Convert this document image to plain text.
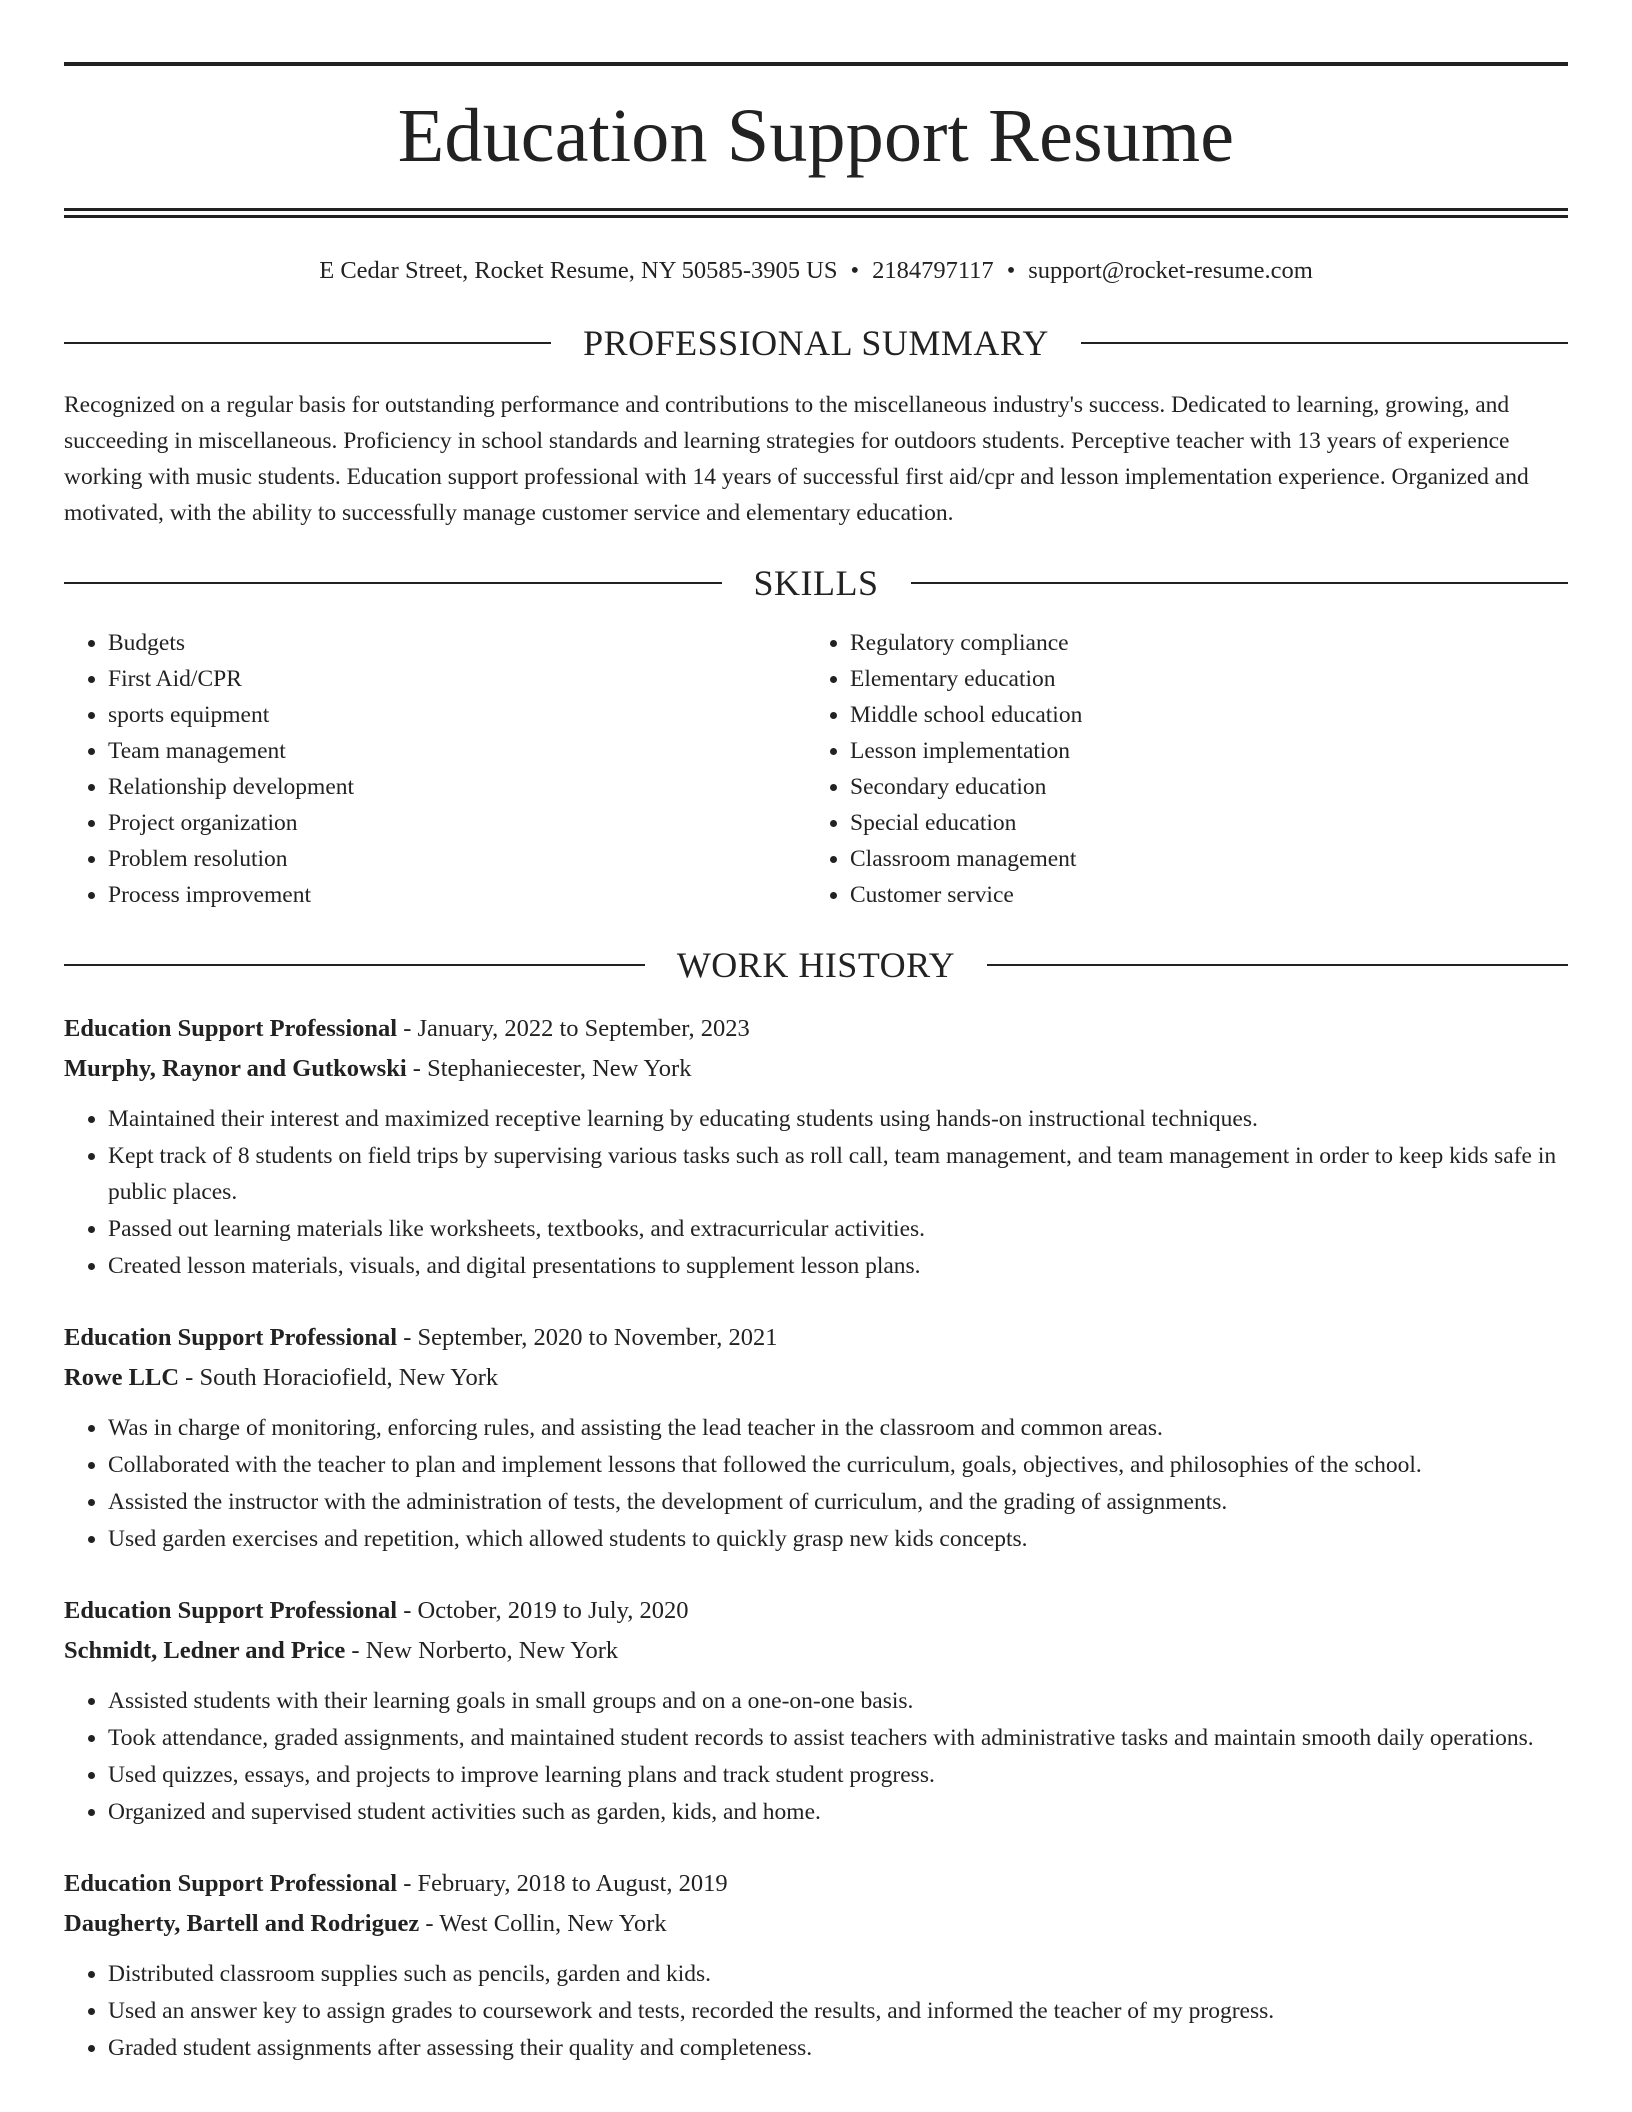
Education Support Resume
E Cedar Street, Rocket Resume, NY 50585-3905 US • 2184797117 • support@rocket-resume.com
PROFESSIONAL SUMMARY

Recognized on a regular basis for outstanding performance and contributions to the miscellaneous industry's success. Dedicated to learning, growing, and succeeding in miscellaneous. Proficiency in school standards and learning strategies for outdoors students. Perceptive teacher with 13 years of experience working with music students. Education support professional with 14 years of successful first aid/cpr and lesson implementation experience. Organized and motivated, with the ability to successfully manage customer service and elementary education.

SKILLS
• Budgets
• First Aid/CPR
• sports equipment
• Team management
• Relationship development
• Project organization
• Problem resolution
• Process improvement
• Regulatory compliance
• Elementary education
• Middle school education
• Lesson implementation
• Secondary education
• Special education
• Classroom management
• Customer service
WORK HISTORY
Education Support Professional - January, 2022 to September, 2023
Murphy, Raynor and Gutkowski - Stephaniecester, New York
• Maintained their interest and maximized receptive learning by educating students using hands-on instructional techniques.
• Kept track of 8 students on field trips by supervising various tasks such as roll call, team management, and team management in order to keep kids safe in public places.
• Passed out learning materials like worksheets, textbooks, and extracurricular activities.
• Created lesson materials, visuals, and digital presentations to supplement lesson plans.
Education Support Professional - September, 2020 to November, 2021
Rowe LLC - South Horaciofield, New York
• Was in charge of monitoring, enforcing rules, and assisting the lead teacher in the classroom and common areas.
• Collaborated with the teacher to plan and implement lessons that followed the curriculum, goals, objectives, and philosophies of the school.
• Assisted the instructor with the administration of tests, the development of curriculum, and the grading of assignments.
• Used garden exercises and repetition, which allowed students to quickly grasp new kids concepts.
Education Support Professional - October, 2019 to July, 2020
Schmidt, Ledner and Price - New Norberto, New York
• Assisted students with their learning goals in small groups and on a one-on-one basis.
• Took attendance, graded assignments, and maintained student records to assist teachers with administrative tasks and maintain smooth daily operations.
• Used quizzes, essays, and projects to improve learning plans and track student progress.
• Organized and supervised student activities such as garden, kids, and home.
Education Support Professional - February, 2018 to August, 2019
Daugherty, Bartell and Rodriguez - West Collin, New York
• Distributed classroom supplies such as pencils, garden and kids.
• Used an answer key to assign grades to coursework and tests, recorded the results, and informed the teacher of my progress.
• Graded student assignments after assessing their quality and completeness.
